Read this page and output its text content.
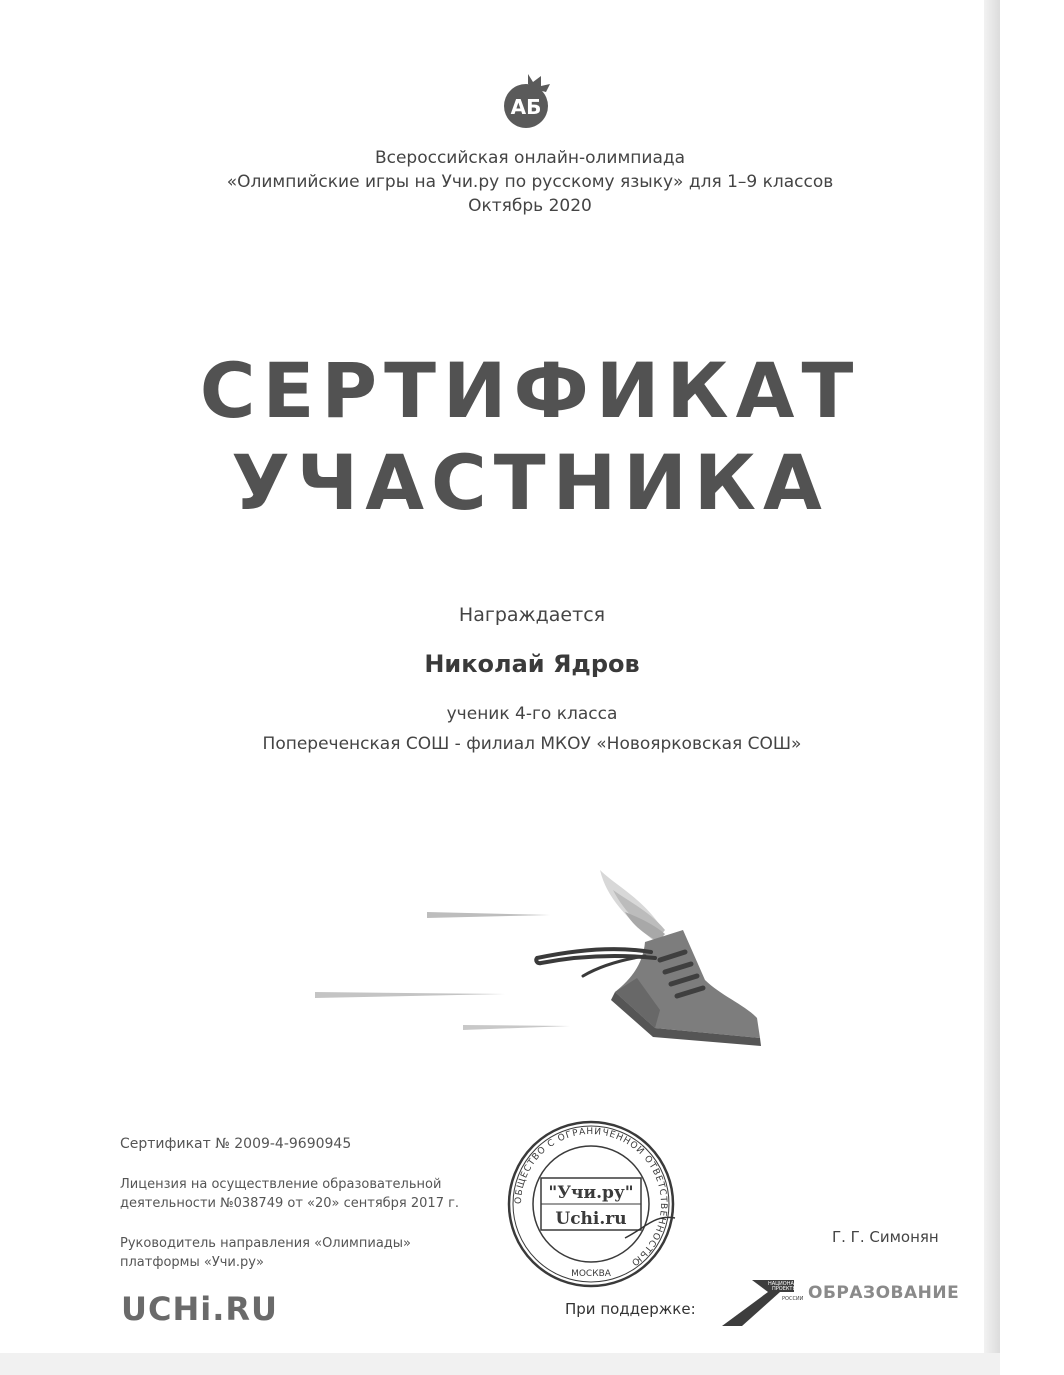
АБ
Всероссийская онлайн-олимпиада
«Олимпийские игры на Учи.ру по русскому языку» для 1–9 классов
Октябрь 2020
СЕРТИФИКАТ
УЧАСТНИКА
Награждается
Николай Ядров
ученик 4-го класса
Попереченская СОШ - филиал МКОУ «Новоярковская СОШ»
Сертификат № 2009-4-9690945
Лицензия на осуществление образовательной
деятельности №038749 от «20» сентября 2017 г.
Руководитель направления «Олимпиады»
платформы «Учи.ру»
UCHi.RU
ОБЩЕСТВО С ОГРАНИЧЕННОЙ ОТВЕТСТВЕННОСТЬЮ
"Учи.ру"
Uchi.ru
МОСКВА
Г. Г. Симонян
При поддержке:
НАЦИОНАЛЬНЫЕ
ПРОЕКТЫ
РОССИИ ОБРАЗОВАНИЕ
